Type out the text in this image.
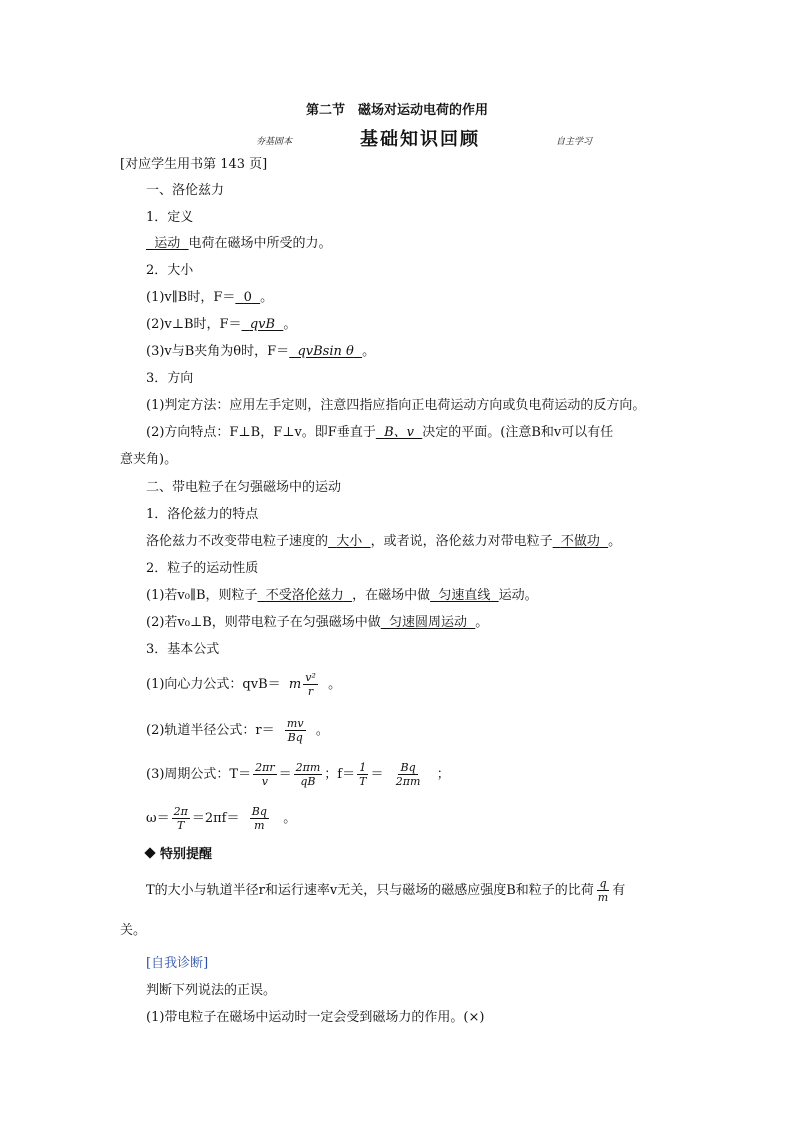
第二节　磁场对运动电荷的作用
夯基固本	基础知识回顾	自主学习
[对应学生用书第 143 页]
一、洛伦兹力
1．定义
运动 电荷在磁场中所受的力。
2．大小
(1)v∥B时，F＝ 0 。
(2)v⊥B时，F＝ qvB 。
(3)v与B夹角为θ时，F＝ qvBsin θ 。
3．方向
(1)判定方法：应用左手定则，注意四指应指向正电荷运动方向或负电荷运动的反方向。
(2)方向特点：F⊥B，F⊥v。即F垂直于 B、v 决定的平面。(注意B和v可以有任
意夹角)。
二、带电粒子在匀强磁场中的运动
1．洛伦兹力的特点
洛伦兹力不改变带电粒子速度的 大小 ，或者说，洛伦兹力对带电粒子 不做功 。
2．粒子的运动性质
(1)若v₀∥B，则粒子 不受洛伦兹力 ，在磁场中做 匀速直线 运动。
(2)若v₀⊥B，则带电粒子在匀强磁场中做 匀速圆周运动 。
3．基本公式
(1)向心力公式：qvB＝ m $\frac{\text{v²}}{r}$ 。
(2)轨道半径公式：$r= \frac{mv}{Bq}$ 。
(3)周期公式：$T= \frac{2\pi r}{v} = \frac{2\pi m}{qB}$ ；$f= \frac{1}{T} = \frac{Bq}{2\pi m}$ ；
$\omega= \frac{2\pi}{T} =2\pi f= \frac{Bq}{m}$ 。
特别提醒
T的大小与轨道半径r和运行速率v无关，只与磁场的磁感应强度B和粒子的比荷 $\frac{q}{m}$ 有
关。
[自我诊断]
判断下列说法的正误。
(1)带电粒子在磁场中运动时一定会受到磁场力的作用。(×)
